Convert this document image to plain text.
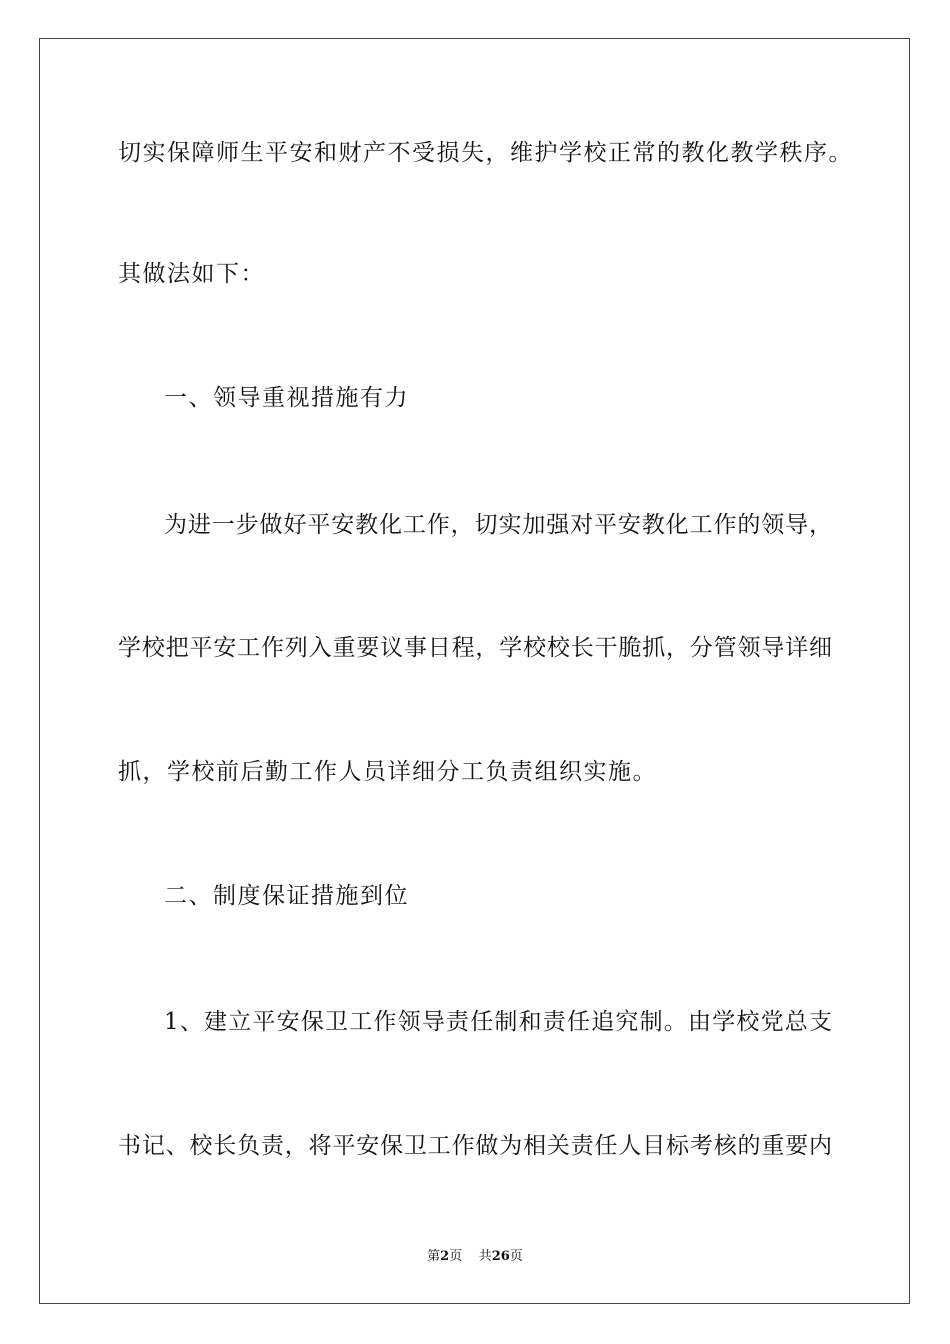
切实保障师生平安和财产不受损失，维护学校正常的教化教学秩序。
其做法如下：
一、领导重视措施有力
为进一步做好平安教化工作，切实加强对平安教化工作的领导，
学校把平安工作列入重要议事日程，学校校长干脆抓，分管领导详细
抓，学校前后勤工作人员详细分工负责组织实施。
二、制度保证措施到位
1、建立平安保卫工作领导责任制和责任追究制。由学校党总支
书记、校长负责，将平安保卫工作做为相关责任人目标考核的重要内
第2页 共26页
